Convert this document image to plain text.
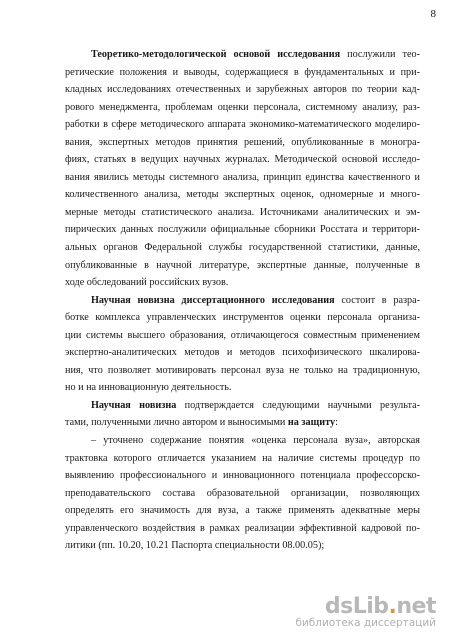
8
Теоретико-методологической основой исследования послужили тео-
ретические положения и выводы, содержащиеся в фундаментальных и при-
кладных исследованиях отечественных и зарубежных авторов по теории кад-
рового менеджмента, проблемам оценки персонала, системному анализу, раз-
работки в сфере методического аппарата экономико-математического моделиро-
вания, экспертных методов принятия решений, опубликованные в моногра-
фиях, статьях в ведущих научных журналах. Методической основой исследо-
вания явились методы системного анализа, принцип единства качественного и
количественного анализа, методы экспертных оценок, одномерные и много-
мерные методы статистического анализа. Источниками аналитических и эм-
пирических данных послужили официальные сборники Росстата и территори-
альных органов Федеральной службы государственной статистики, данные,
опубликованные в научной литературе, экспертные данные, полученные в
ходе обследований российских вузов.
Научная новизна диссертационного исследования состоит в разра-
ботке комплекса управленческих инструментов оценки персонала организа-
ции системы высшего образования, отличающегося совместным применением
экспертно-аналитических методов и методов психофизического шкалирова-
ния, что позволяет мотивировать персонал вуза не только на традиционную,
но и на инновационную деятельность.
Научная новизна подтверждается следующими научными результа-
тами, полученными лично автором и выносимыми на защиту:
– уточнено содержание понятия «оценка персонала вуза», авторская
трактовка которого отличается указанием на наличие системы процедур по
выявлению профессионального и инновационного потенциала профессорско-
преподавательского состава образовательной организации, позволяющих
определять его значимость для вуза, а также применять адекватные меры
управленческого воздействия в рамках реализации эффективной кадровой по-
литики (пп. 10.20, 10.21 Паспорта специальности 08.00.05);
dsLib.net
библиотека диссертаций
